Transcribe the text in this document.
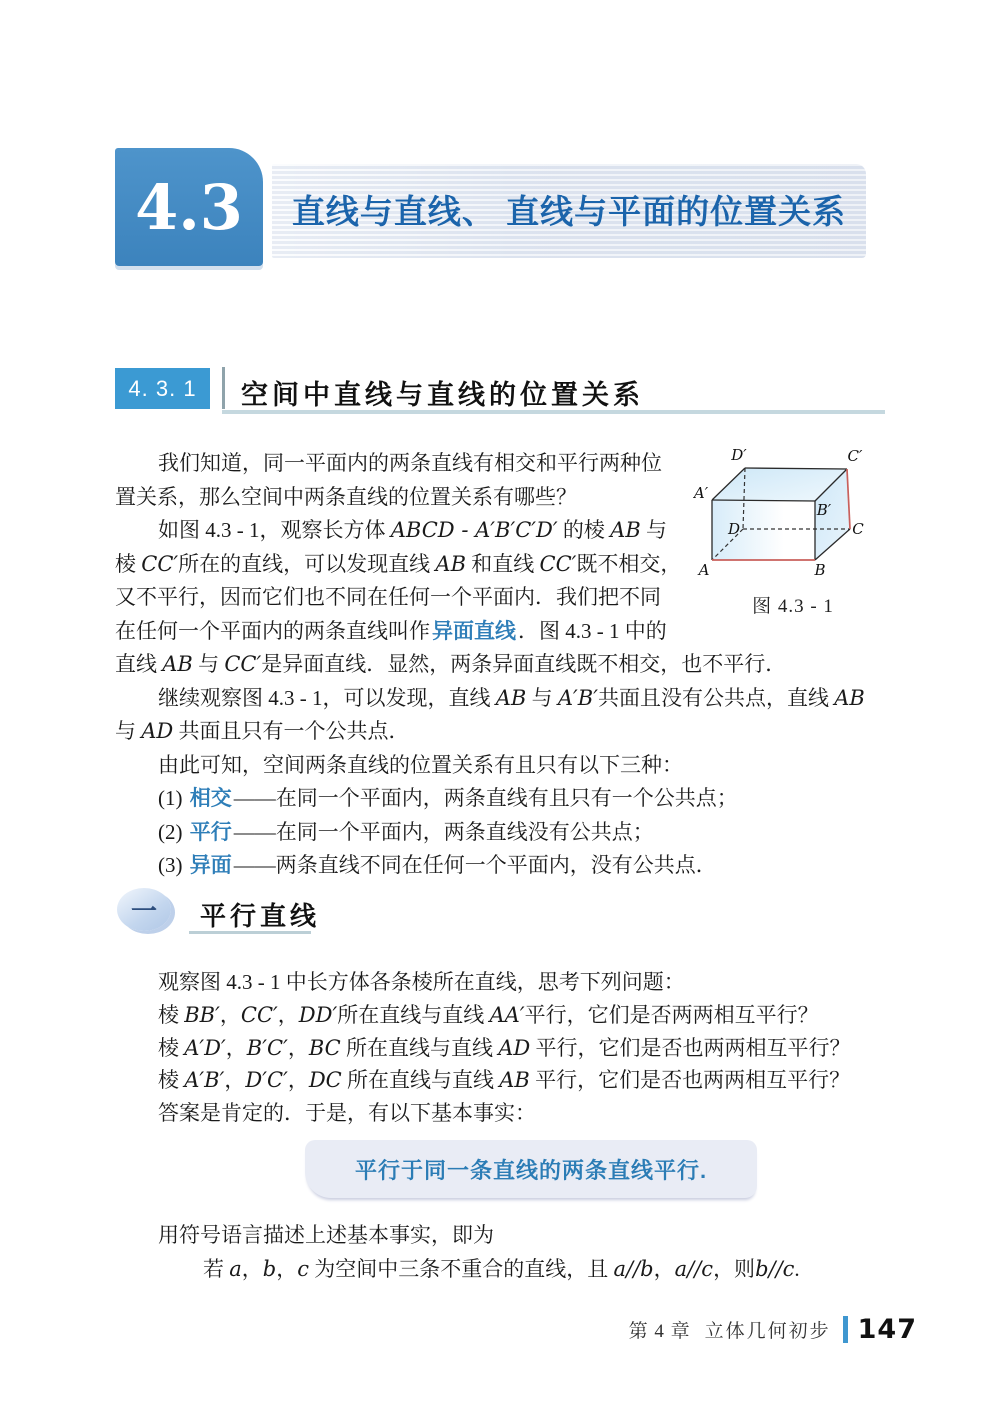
4.3	直线与直线、 直线与平面的位置关系
4. 3. 1 空间中直线与直线的位置关系
我们知道，同一平面内的两条直线有相交和平行两种位
置关系，那么空间中两条直线的位置关系有哪些？
如图 4.3 - 1，观察长方体 ABCD - A′B′C′D′ 的棱 AB 与
棱 CC′所在的直线，可以发现直线 AB 和直线 CC′既不相交，
又不平行，因而它们也不同在任何一个平面内．我们把不同
在任何一个平面内的两条直线叫作异面直线．图 4.3 - 1 中的
直线 AB 与 CC′是异面直线．显然，两条异面直线既不相交，也不平行．
继续观察图 4.3 - 1，可以发现，直线 AB 与 A′B′共面且没有公共点，直线 AB
与 AD 共面且只有一个公共点．
由此可知，空间两条直线的位置关系有且只有以下三种：
(1) 相交——在同一个平面内，两条直线有且只有一个公共点；
(2) 平行——在同一个平面内，两条直线没有公共点；
(3) 异面——两条直线不同在任何一个平面内，没有公共点．
D′	C′
A′
B′
D	C
A	B
图 4.3 - 1
一 平行直线
观察图 4.3 - 1 中长方体各条棱所在直线，思考下列问题：
棱 BB′，CC′，DD′所在直线与直线 AA′平行，它们是否两两相互平行？
棱 A′D′，B′C′，BC 所在直线与直线 AD 平行，它们是否也两两相互平行？
棱 A′B′，D′C′，DC 所在直线与直线 AB 平行，它们是否也两两相互平行？
答案是肯定的．于是，有以下基本事实：
平行于同一条直线的两条直线平行.
用符号语言描述上述基本事实，即为
若 a，b，c 为空间中三条不重合的直线，且 a//b，a//c，则b//c.
第 4 章 立体几何初步 147
